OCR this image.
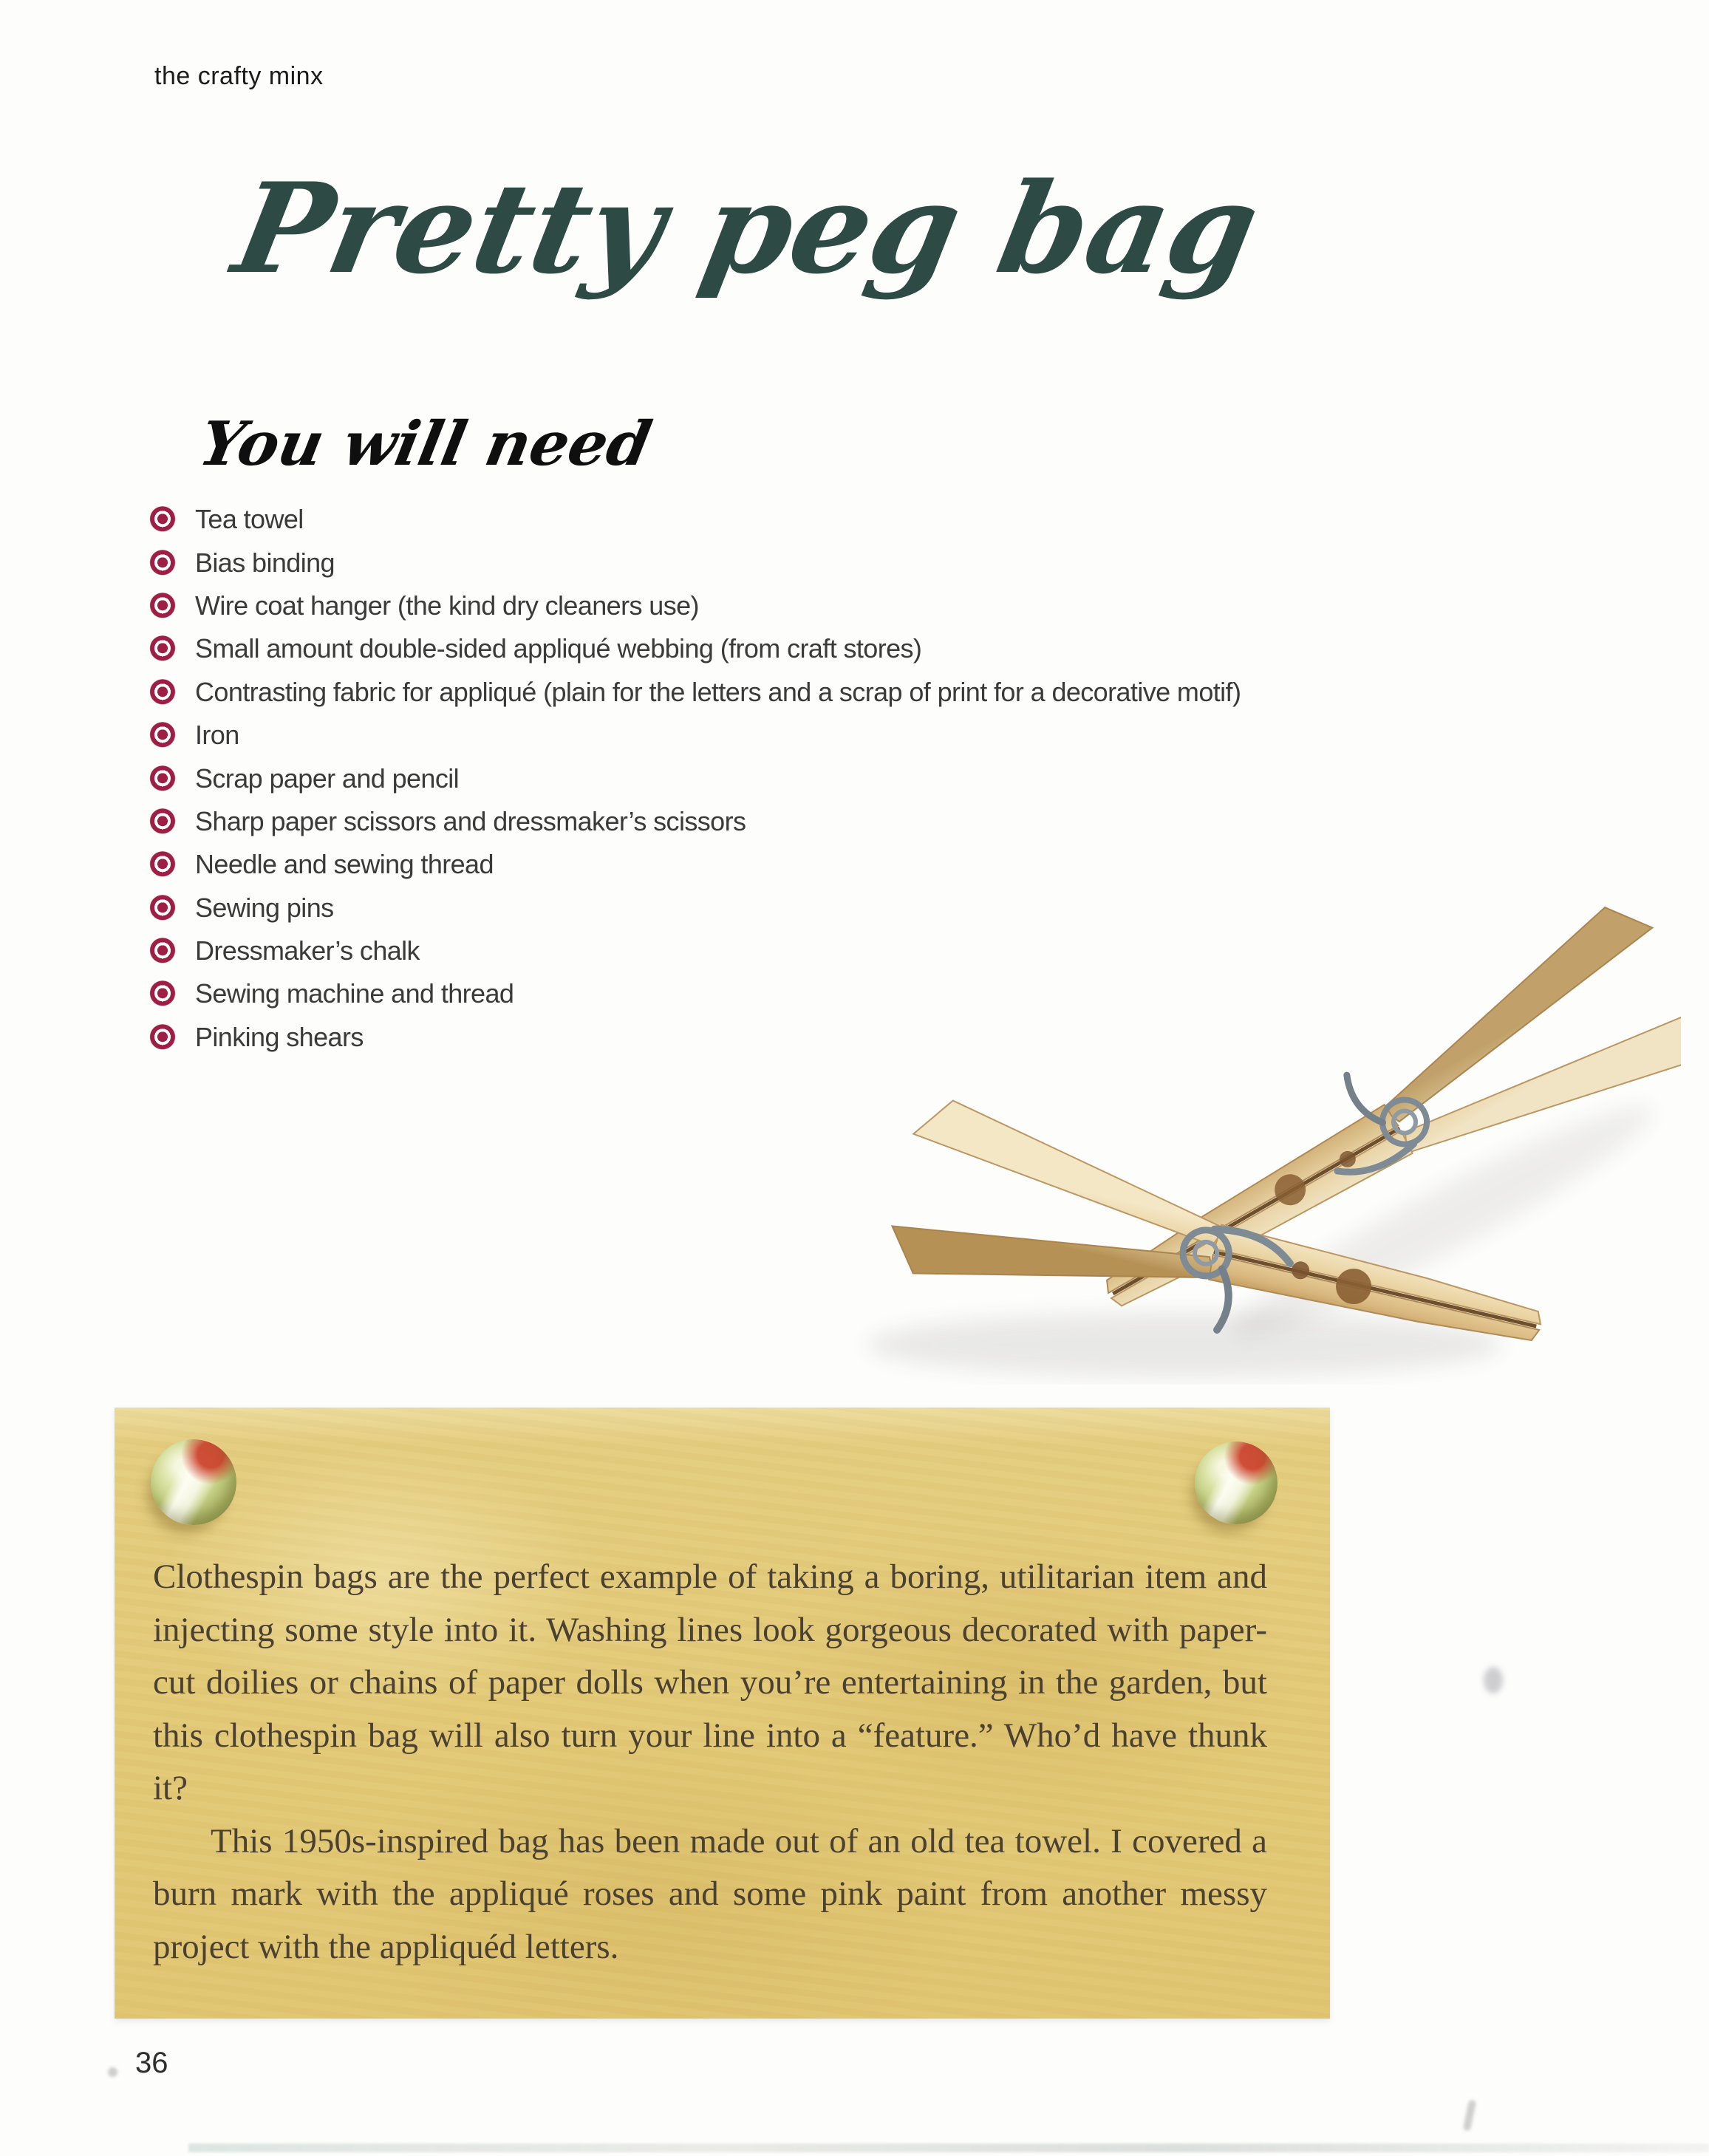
the crafty minx
Pretty peg bag
You will need
Tea towel
Bias binding
Wire coat hanger (the kind dry cleaners use)
Small amount double-sided appliqué webbing (from craft stores)
Contrasting fabric for appliqué (plain for the letters and a scrap of print for a decorative motif)
Iron
Scrap paper and pencil
Sharp paper scissors and dressmaker’s scissors
Needle and sewing thread
Sewing pins
Dressmaker’s chalk
Sewing machine and thread
Pinking shears

Clothespin bags are the perfect example of taking a boring, utilitarian item and injecting some style into it. Washing lines look gorgeous decorated with paper-cut doilies or chains of paper dolls when you’re entertaining in the garden, but this clothespin bag will also turn your line into a “feature.” Who’d have thunk it?

This 1950s-inspired bag has been made out of an old tea towel. I covered a burn mark with the appliqué roses and some pink paint from another messy project with the appliquéd letters.

36
